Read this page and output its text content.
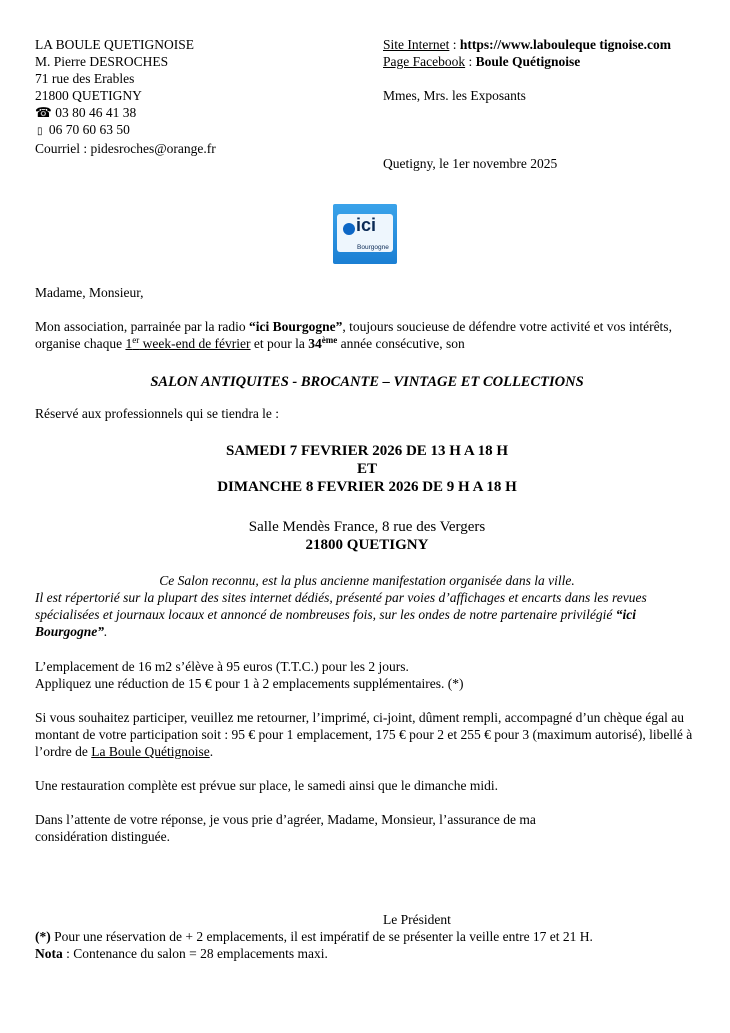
LA BOULE QUETIGNOISE
M. Pierre DESROCHES
71 rue des Erables
21800 QUETIGNY
☎ 03 80 46 41 38
▯ 06 70 60 63 50
Courriel : pidesroches@orange.fr
Site Internet : https://www.labouleque tignoise.com
Page Facebook : Boule Quétignoise
Mmes, Mrs. les Exposants
Quetigny, le 1er novembre 2025
ici
Bourgogne
Madame, Monsieur,
Mon association, parrainée par la radio “ici Bourgogne”, toujours soucieuse de défendre votre activité et vos intérêts, organise chaque 1er week-end de février et pour la 34ème année consécutive, son
SALON ANTIQUITES - BROCANTE – VINTAGE ET COLLECTIONS
Réservé aux professionnels qui se tiendra le :
SAMEDI 7 FEVRIER 2026 DE 13 H A 18 H
ET
DIMANCHE 8 FEVRIER 2026 DE 9 H A 18 H
Salle Mendès France, 8 rue des Vergers
21800 QUETIGNY
Ce Salon reconnu, est la plus ancienne manifestation organisée dans la ville.
Il est répertorié sur la plupart des sites internet dédiés, présenté par voies d’affichages et encarts dans les revues spécialisées et journaux locaux et annoncé de nombreuses fois, sur les ondes de notre partenaire privilégié “ici Bourgogne”.
L’emplacement de 16 m2 s’élève à 95 euros (T.T.C.) pour les 2 jours.
Appliquez une réduction de 15 € pour 1 à 2 emplacements supplémentaires. (*)
Si vous souhaitez participer, veuillez me retourner, l’imprimé, ci-joint, dûment rempli, accompagné d’un chèque égal au montant de votre participation soit : 95 € pour 1 emplacement, 175 € pour 2 et 255 € pour 3 (maximum autorisé), libellé à l’ordre de La Boule Quétignoise.
Une restauration complète est prévue sur place, le samedi ainsi que le dimanche midi.
Dans l’attente de votre réponse, je vous prie d’agréer, Madame, Monsieur, l’assurance de ma considération distinguée.
Le Président
(*) Pour une réservation de + 2 emplacements, il est impératif de se présenter la veille entre 17 et 21 H.
Nota : Contenance du salon = 28 emplacements maxi.
